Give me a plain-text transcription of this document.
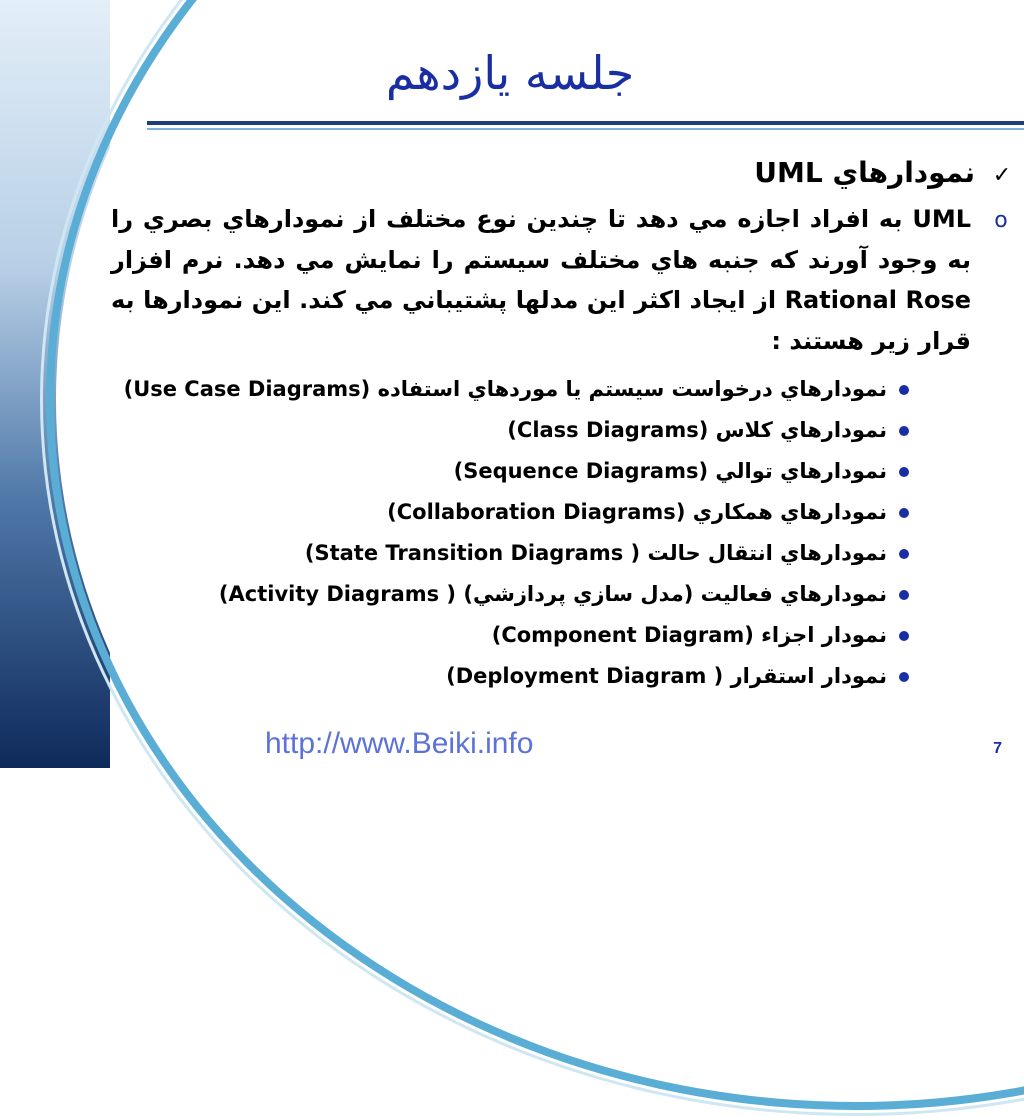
جلسه يازدهم
✓نمودارهاي UML
o
UML به افراد اجازه مي دهد تا چندين نوع مختلف از نمودارهاي بصري را به وجود آورند که جنبه هاي مختلف سيستم را نمايش مي دهد. نرم افزار Rational Rose از ايجاد اکثر اين مدلها پشتيباني مي کند. اين نمودارها به قرار زير هستند :
نمودارهاي درخواست سيستم يا موردهاي استفاده (Use Case Diagrams)
نمودارهاي کلاس (Class Diagrams)
نمودارهاي توالي (Sequence Diagrams)
نمودارهاي همکاري (Collaboration Diagrams)
نمودارهاي انتقال حالت ( State Transition Diagrams)
نمودارهاي فعاليت (مدل سازي پردازشي) ( Activity Diagrams)
نمودار اجزاء (Component Diagram)
نمودار استقرار ( Deployment Diagram)
http://www.Beiki.info	7
